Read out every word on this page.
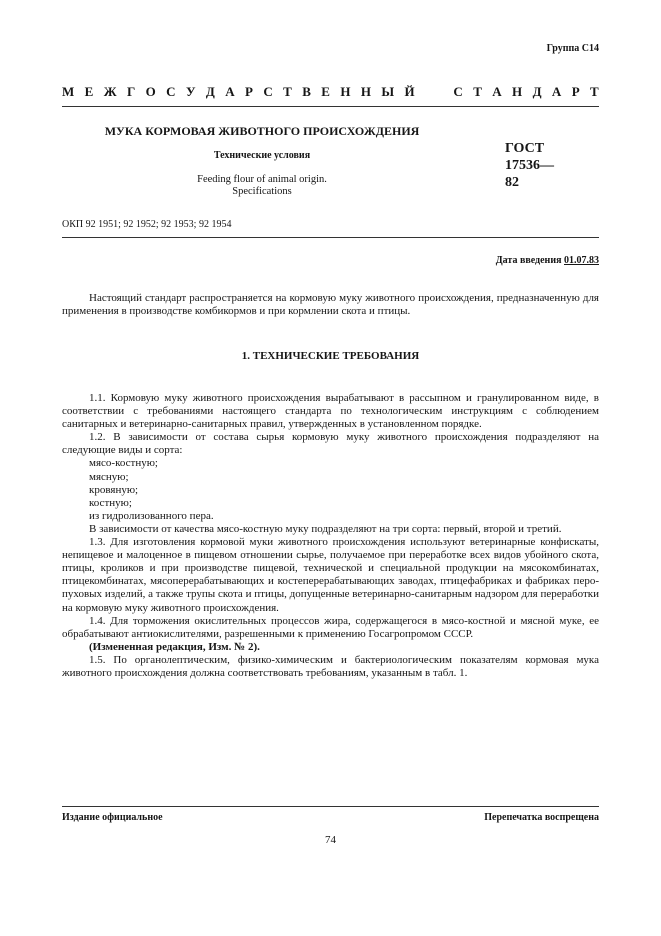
Группа С14
М Е Ж Г О С У Д А Р С Т В Е Н Н Ы Й	С Т А Н Д А Р Т
МУКА КОРМОВАЯ ЖИВОТНОГО ПРОИСХОЖДЕНИЯ
Технические условия
Feeding flour of animal origin.
Specifications
ГОСТ
17536—82
ОКП 92 1951; 92 1952; 92 1953; 92 1954
Дата введения 01.07.83

Настоящий стандарт распространяется на кормовую муку животного происхождения, предназначенную для применения в производстве комбикормов и при кормлении скота и птицы.

1. ТЕХНИЧЕСКИЕ ТРЕБОВАНИЯ

1.1. Кормовую муку животного происхождения вырабатывают в рассыпном и гранулированном виде, в соответствии с требованиями настоящего стандарта по технологическим инструкциям с соблюдением санитарных и ветеринарно-санитарных правил, утвержденных в установленном порядке.

1.2. В зависимости от состава сырья кормовую муку животного происхождения подразделяют на следующие виды и сорта:

мясо-костную;

мясную;

кровяную;

костную;

из гидролизованного пера.

В зависимости от качества мясо-костную муку подразделяют на три сорта: первый, второй и третий.

1.3. Для изготовления кормовой муки животного происхождения используют ветеринарные конфискаты, непищевое и малоценное в пищевом отношении сырье, получаемое при переработке всех видов убойного скота, птицы, кроликов и при производстве пищевой, технической и специальной продукции на мясокомбинатах, птицекомбинатах, мясоперерабатывающих и костеперерабатывающих заводах, птицефабриках и фабриках перо-пуховых изделий, а также трупы скота и птицы, допущенные ветеринарно-санитарным надзором для переработки на кормовую муку животного происхождения.

1.4. Для торможения окислительных процессов жира, содержащегося в мясо-костной и мясной муке, ее обрабатывают антиокислителями, разрешенными к применению Госагропромом СССР.

(Измененная редакция, Изм. № 2).

1.5. По органолептическим, физико-химическим и бактериологическим показателям кормовая мука животного происхождения должна соответствовать требованиям, указанным в табл. 1.

Издание официальное	Перепечатка воспрещена
74
